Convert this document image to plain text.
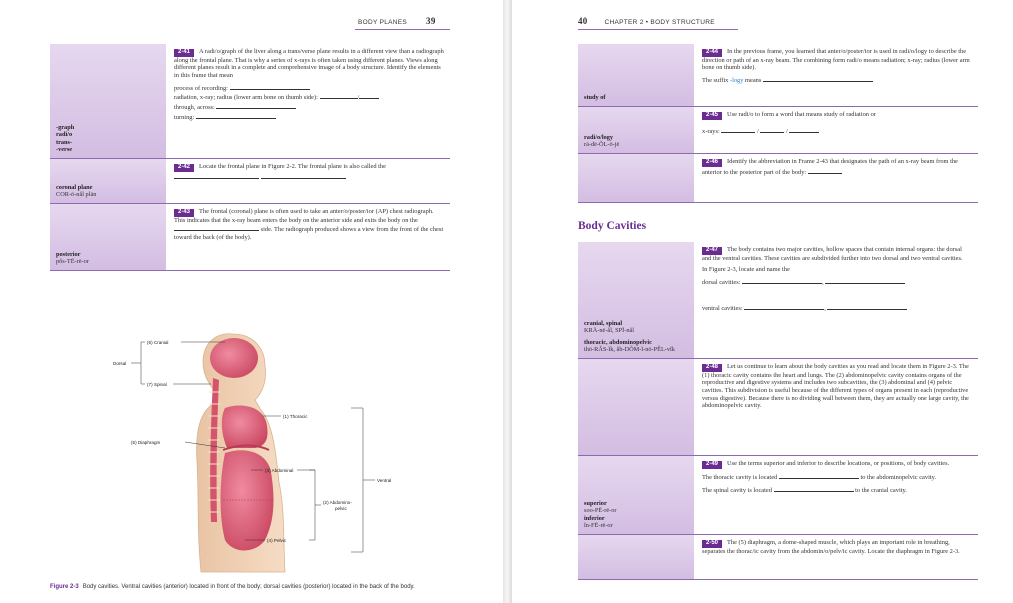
BODY PLANES 39
-graph
radi/o
trans-
-verse
2-41 A radi/o/graph of the liver along a trans/verse plane results in a different view than a radiograph along the frontal plane. That is why a series of x-rays is often taken using different planes. Views along different planes result in a complete and comprehensive image of a body structure. Identify the elements in this frame that mean
process of recording:
radiation, x-ray; radius (lower arm bone on thumb side):	/
through, across:
turning:
coronal plane
COR-ō-năl plān
2-42 Locate the frontal plane in Figure 2-2. The frontal plane is also called the
posterior
pŏs-TĒ-rē-or
2-43 The frontal (coronal) plane is often used to take an anter/o/poster/ior (AP) chest radiograph. This indicates that the x-ray beam enters the body on the anterior side and exits the body on the  side. The radiograph produced shows a view from the front of the chest toward the back (of the body).
(6) Cranial
Dorsal
(7) Spinal
(1) Thoracic
(5) Diaphragm
(3) Abdominal
Ventral
(2) Abdomino-
pelvic
(4) Pelvic
Figure 2-3 Body cavities. Ventral cavities (anterior) located in front of the body; dorsal cavities (posterior) located in the back of the body.
40	CHAPTER 2 • BODY STRUCTURE
study of
2-44 In the previous frame, you learned that anter/o/poster/ior is used in radi/o/logy to describe the direction or path of an x-ray beam. The combining form radi/o means radiation; x-ray; radius (lower arm bone on thumb side).
The suffix -logy means
radi/o/logy
rā-dē-ŎL-ō-jē
2-45 Use radi/o to form a word that means study of radiation or
x-rays:	/	/
2-46 Identify the abbreviation in Frame 2-43 that designates the path of an x-ray beam from the anterior to the posterior part of the body:
Body Cavities
cranial, spinal
KRĀ-nē-ăl, SPĪ-năl
thoracic, abdominopelvic
thō-RĂS-ĭk, ăb-DŎM-ĭ-nō-PĔL-vĭk
2-47 The body contains two major cavities, hollow spaces that contain internal organs: the dorsal and the ventral cavities. These cavities are subdivided further into two dorsal and two ventral cavities.
In Figure 2-3, locate and name the
dorsal cavities:	,
ventral cavities:	,
2-48 Let us continue to learn about the body cavities as you read and locate them in Figure 2-3. The (1) thoracic cavity contains the heart and lungs. The (2) abdominopelvic cavity contains organs of the reproductive and digestive systems and includes two subcavities, the (3) abdominal and (4) pelvic cavities. This subdivision is useful because of the different types of organs present in each (reproductive versus digestive). Because there is no dividing wall between them, they are actually one large cavity, the abdominopelvic cavity.
superior
soo-PĒ-rē-or
inferior
ĭn-FĒ-rē-or
2-49 Use the terms superior and inferior to describe locations, or positions, of body cavities.
The thoracic cavity is located	to the abdominopelvic cavity.
The spinal cavity is located	to the cranial cavity.
2-50 The (5) diaphragm, a dome-shaped muscle, which plays an important role in breathing, separates the thorac/ic cavity from the abdomin/o/pelv/ic cavity. Locate the diaphragm in Figure 2-3.
